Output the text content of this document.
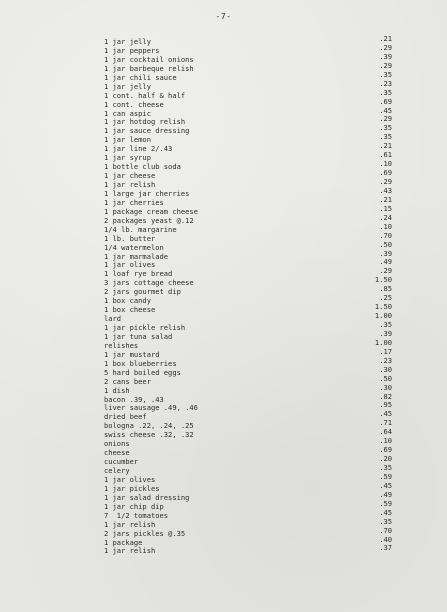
-7-
1 jar jelly	.21
1 jar peppers	.29
1 jar cocktail onions	.39
1 jar barbeque relish	.29
1 jar chili sauce	.35
1 jar jelly	.23
1 cont. half & half	.35
1 cont. cheese	.69
1 can aspic	.45
1 jar hotdog relish	.29
1 jar sauce dressing	.35
1 jar lemon	.35
1 jar line 2/.43	.21
1 jar syrup	.61
1 bottle club soda	.10
1 jar cheese	.69
1 jar relish	.29
1 large jar cherries	.43
1 jar cherries	.21
1 package cream cheese	.15
2 packages yeast @.12	.24
1/4 lb. margarine	.10
1 lb. butter	.70
1/4 watermelon	.50
1 jar marmalade	.39
1 jar olives	.49
1 loaf rye bread	.29
3 jars cottage cheese	1.50
2 jars gourmet dip	.85
1 box candy	.25
1 box cheese	1.50
lard	1.00
1 jar pickle relish	.35
1 jar tuna salad	.39
relishes	1.00
1 jar mustard	.17
1 box blueberries	.23
5 hard boiled eggs	.30
2 cans beer	.50
1 dish	.30
bacon .39, .43	.82
liver sausage .49, .46	.95
dried beef	.45
bologna .22, .24, .25	.71
swiss cheese .32, .32	.64
onions	.10
cheese	.69
cucumber	.20
celery	.35
1 jar olives	.59
1 jar pickles	.45
1 jar salad dressing	.49
1 jar chip dip	.59
7  1/2 tomatoes	.45
1 jar relish	.35
2 jars pickles @.35	.70
1 package	.40
1 jar relish	.37
